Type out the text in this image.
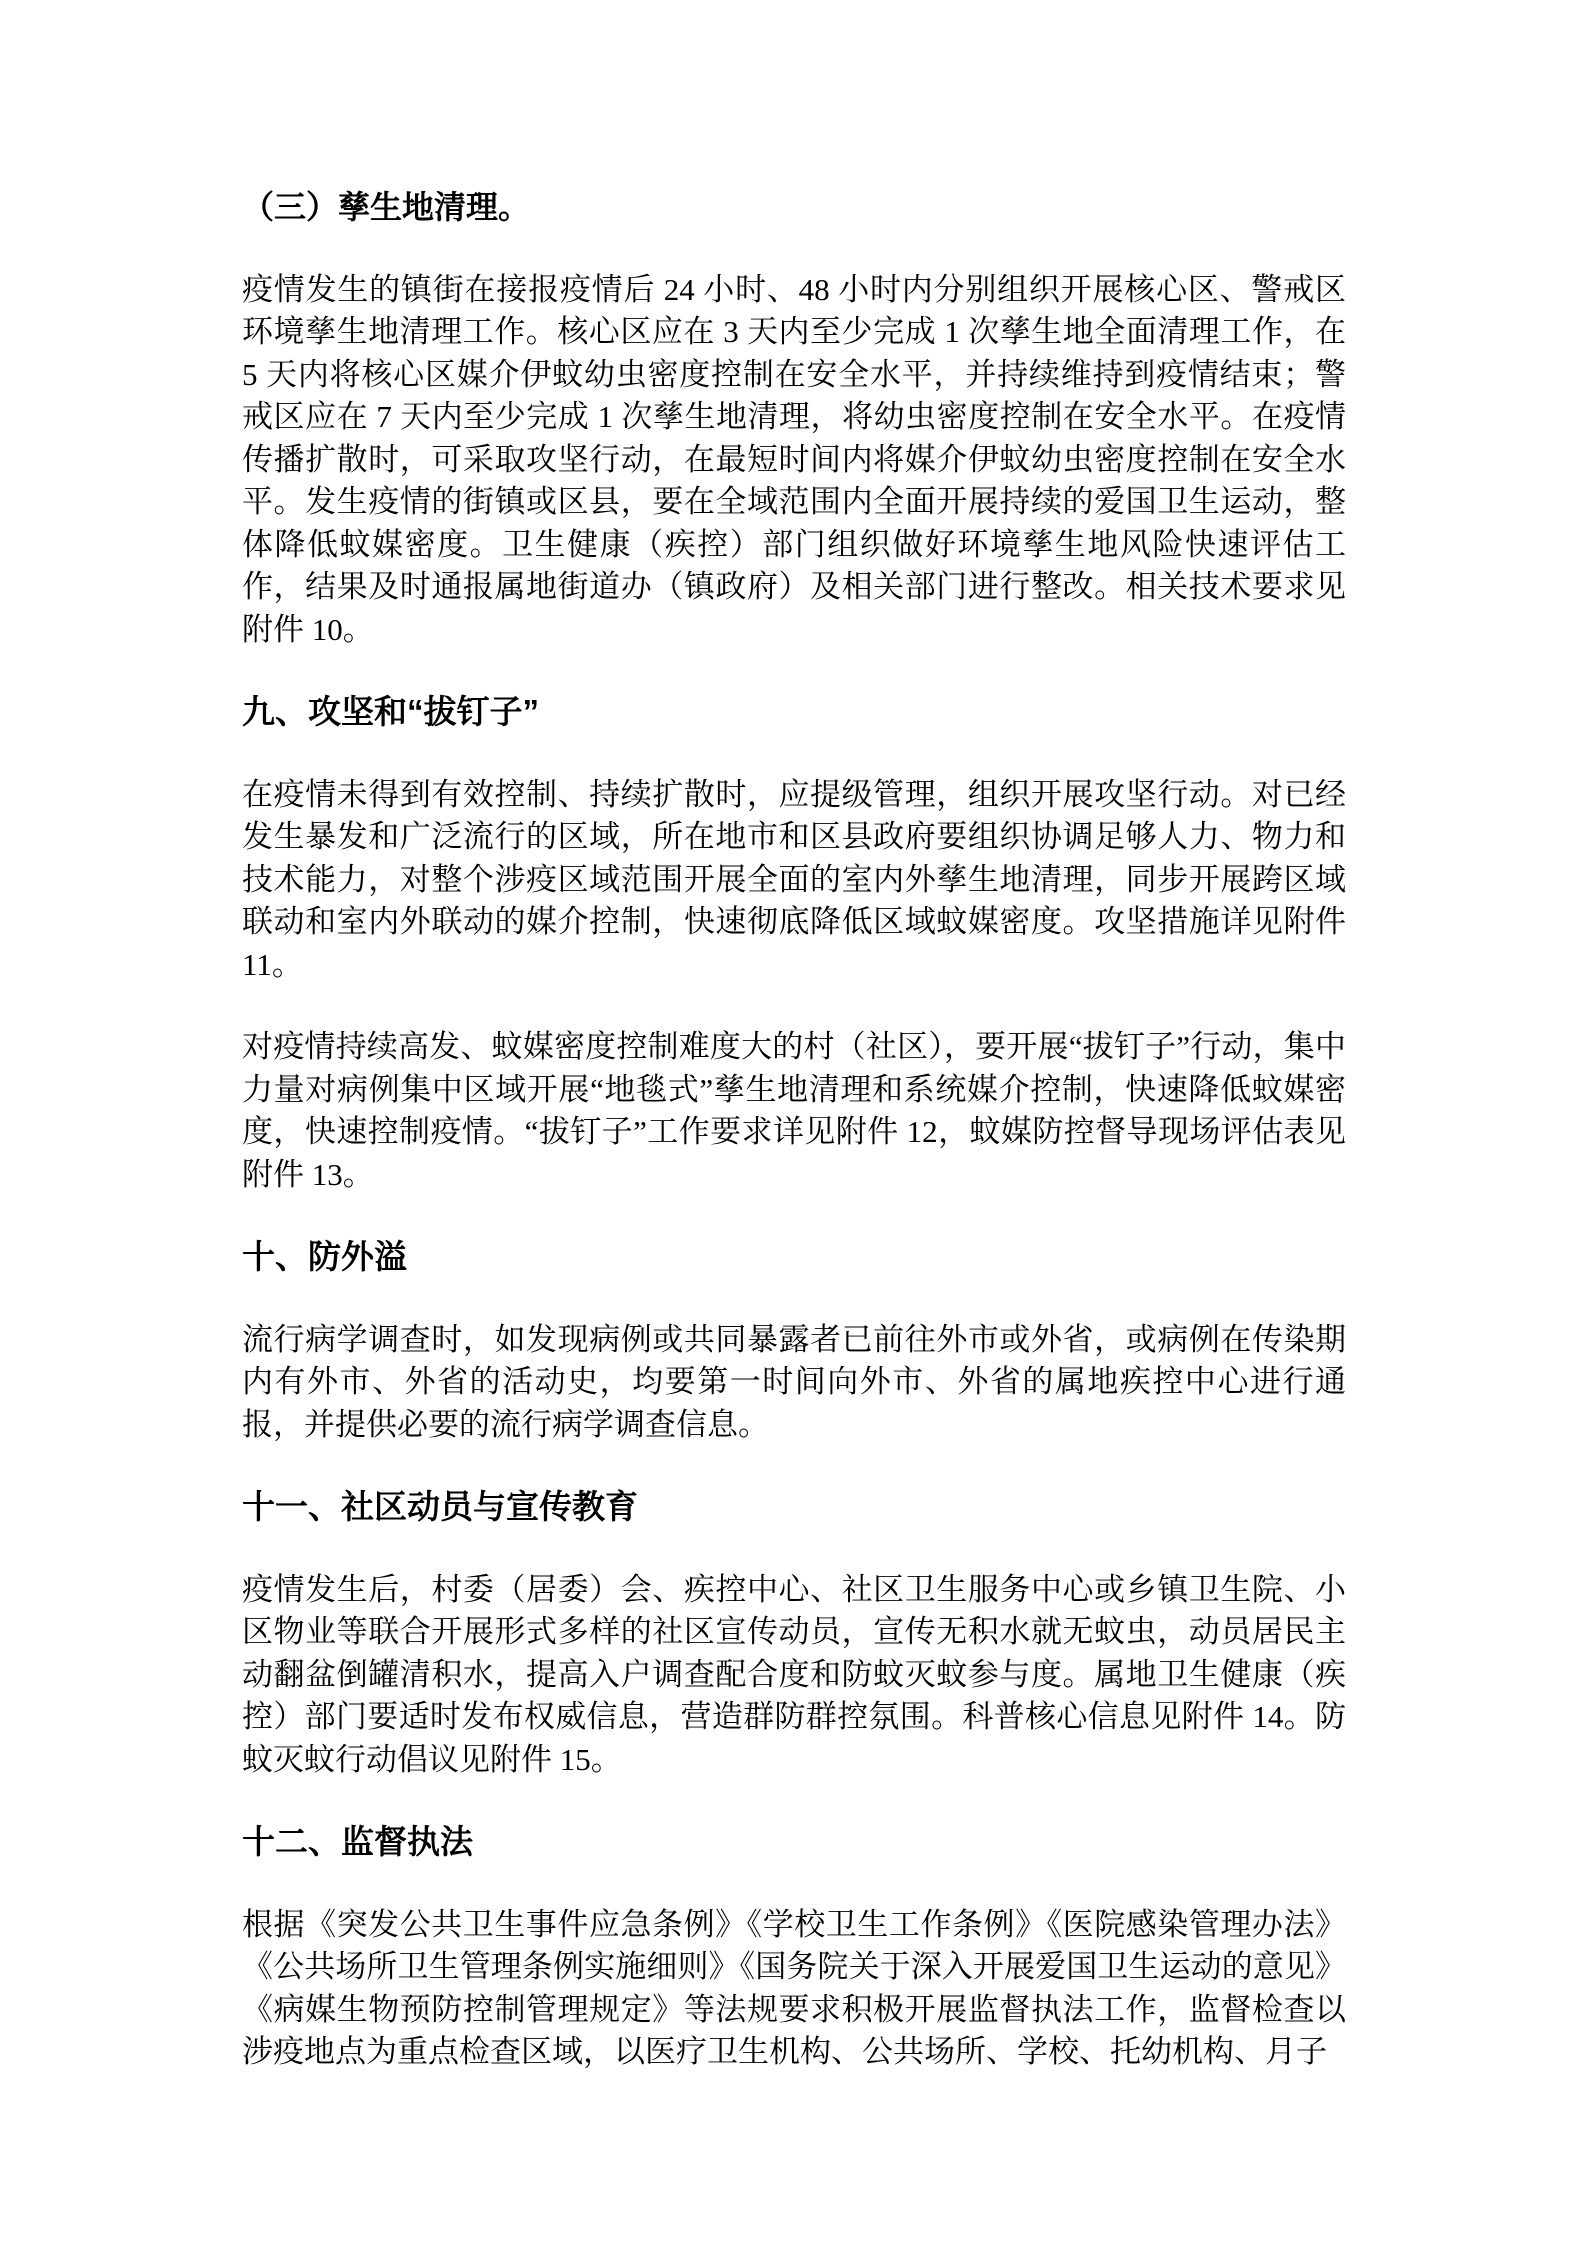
（三）孳生地清理。

疫情发生的镇街在接报疫情后 24 小时、48 小时内分别组织开展核心区、警戒区环境孳生地清理工作。核心区应在 3 天内至少完成 1 次孳生地全面清理工作，在 5 天内将核心区媒介伊蚊幼虫密度控制在安全水平，并持续维持到疫情结束；警戒区应在 7 天内至少完成 1 次孳生地清理，将幼虫密度控制在安全水平。在疫情传播扩散时，可采取攻坚行动，在最短时间内将媒介伊蚊幼虫密度控制在安全水平。发生疫情的街镇或区县，要在全域范围内全面开展持续的爱国卫生运动，整体降低蚊媒密度。卫生健康（疾控）部门组织做好环境孳生地风险快速评估工作，结果及时通报属地街道办（镇政府）及相关部门进行整改。相关技术要求见附件 10。

九、攻坚和“拔钉子”

在疫情未得到有效控制、持续扩散时，应提级管理，组织开展攻坚行动。对已经发生暴发和广泛流行的区域，所在地市和区县政府要组织协调足够人力、物力和技术能力，对整个涉疫区域范围开展全面的室内外孳生地清理，同步开展跨区域联动和室内外联动的媒介控制，快速彻底降低区域蚊媒密度。攻坚措施详见附件 11。

对疫情持续高发、蚊媒密度控制难度大的村（社区），要开展“拔钉子”行动，集中力量对病例集中区域开展“地毯式”孳生地清理和系统媒介控制，快速降低蚊媒密度，快速控制疫情。“拔钉子”工作要求详见附件 12，蚊媒防控督导现场评估表见附件 13。

十、防外溢

流行病学调查时，如发现病例或共同暴露者已前往外市或外省，或病例在传染期内有外市、外省的活动史，均要第一时间向外市、外省的属地疾控中心进行通报，并提供必要的流行病学调查信息。

十一、社区动员与宣传教育

疫情发生后，村委（居委）会、疾控中心、社区卫生服务中心或乡镇卫生院、小区物业等联合开展形式多样的社区宣传动员，宣传无积水就无蚊虫，动员居民主动翻盆倒罐清积水，提高入户调查配合度和防蚊灭蚊参与度。属地卫生健康（疾控）部门要适时发布权威信息，营造群防群控氛围。科普核心信息见附件 14。防蚊灭蚊行动倡议见附件 15。

十二、监督执法

根据《突发公共卫生事件应急条例》《学校卫生工作条例》《医院感染管理办法》《公共场所卫生管理条例实施细则》《国务院关于深入开展爱国卫生运动的意见》《病媒生物预防控制管理规定》等法规要求积极开展监督执法工作，监督检查以涉疫地点为重点检查区域，以医疗卫生机构、公共场所、学校、托幼机构、月子
